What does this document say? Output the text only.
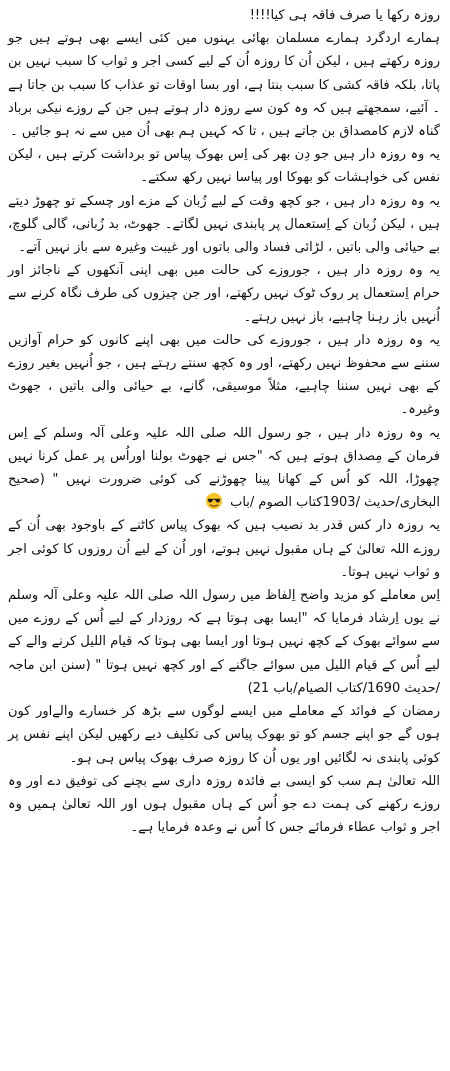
روزہ رکھا یا صرف فاقہ ہی کیا!!!!

ہمارے اردگرد ہمارے مسلمان بھائی بہنوں میں کئی ایسے بھی ہوتے ہیں جو روزہ رکھتے ہیں ، لیکن اُن کا روزہ اُن کے لیے کسی اجر و ثواب کا سبب نہیں بن پاتا، بلکہ فاقہ کشی کا سبب بنتا ہے، اور بسا اوقات تو عذاب کا سبب بن جاتا ہے ۔ آئیے، سمجھتے ہیں کہ وہ کون سے روزہ دار ہوتے ہیں جن کے روزے نیکی برباد گناہ لازم کامصداق بن جاتے ہیں ، تا کہ کہیں ہم بھی اُن میں سے نہ ہو جائیں ۔

یہ وہ روزہ دار ہیں جو دِن بھر کی اِس بھوک پیاس تو برداشت کرتے ہیں ، لیکن نفس کی خواہشات کو بھوکا اور پیاسا نہیں رکھ سکتے۔

یہ وہ روزہ دار ہیں ، جو کچھ وقت کے لیے زُبان کے مزے اور چسکے تو چھوڑ دیتے ہیں ، لیکن زُبان کے اِستعمال پر پابندی نہیں لگاتے۔ جھوٹ، بد زُبانی، گالی گلوچ، بے حیائی والی باتیں ، لڑائی فساد والی باتوں اور غیبت وغیرہ سے باز نہیں آتے۔

یہ وہ روزہ دار ہیں ، جوروزے کی حالت میں بھی اپنی آنکھوں کے ناجائز اور حرام اِستعمال پر روک ٹوک نہیں رکھتے، اور جن چیزوں کی طرف نگاہ کرنے سے اُنہیں باز رہنا چاہیے، باز نہیں رہتے۔

یہ وہ روزہ دار ہیں ، جوروزے کی حالت میں بھی اپنے کانوں کو حرام آوازیں سننے سے محفوظ نہیں رکھتے، اور وہ کچھ سنتے رہتے ہیں ، جو اُنہیں بغیر روزے کے بھی نہیں سننا چاہیے، مثلاً موسیقی، گانے، بے حیائی والی باتیں ، جھوٹ وغیرہ۔

یہ وہ روزہ دار ہیں ، جو رسول اللہ صلی اللہ علیہ وعلی آلہ وسلم کے اِس فرمان کے مِصداق ہوتے ہیں کہ "جس نے جھوٹ بولنا اوراُس پر عمل کرنا نہیں چھوڑا، اللہ کو اُس کے کھانا پینا چھوڑنے کی کوئی ضرورت نہیں " (صحیح البخاری/حدیث /1903کتاب الصوم /باب

یہ روزہ دار کس قدر بد نصیب ہیں کہ بھوک پیاس کاٹنے کے باوجود بھی اُن کے روزے اللہ تعالیٰ کے ہاں مقبول نہیں ہوتے، اور اُن کے لیے اُن روزوں کا کوئی اجر و ثواب نہیں ہوتا۔

اِس معاملے کو مزید واضح اِلفاظ میں رسول اللہ صلی اللہ علیہ وعلی آلہ وسلم نے یوں اِرشاد فرمایا کہ "ایسا بھی ہوتا ہے کہ روزدار کے لیے اُس کے روزے میں سے سوائے بھوک کے کچھ نہیں ہوتا اور ایسا بھی ہوتا کہ قیام اللیل کرنے والے کے لیے اُس کے قیام اللیل میں سوائے جاگنے کے اور کچھ نہیں ہوتا " (سنن ابن ماجہ /حدیث 1690/کتاب الصیام/باب 21)

رمضان کے فوائد کے معاملے میں ایسے لوگوں سے بڑھ کر خسارے والےاور کون ہوں گے جو اپنے جسم کو تو بھوک پیاس کی تکلیف دیے رکھیں لیکن اپنے نفس پر کوئی پابندی نہ لگائیں اور یوں اُن کا روزہ صرف بھوک پیاس ہی ہو۔

اللہ تعالیٰ ہم سب کو ایسی بے فائدہ روزہ داری سے بچنے کی توفیق دے اور وہ روزے رکھنے کی ہمت دے جو اُس کے ہاں مقبول ہوں اور اللہ تعالیٰ ہمیں وہ اجر و ثواب عطاء فرمائے جس کا اُس نے وعدہ فرمایا ہے۔
